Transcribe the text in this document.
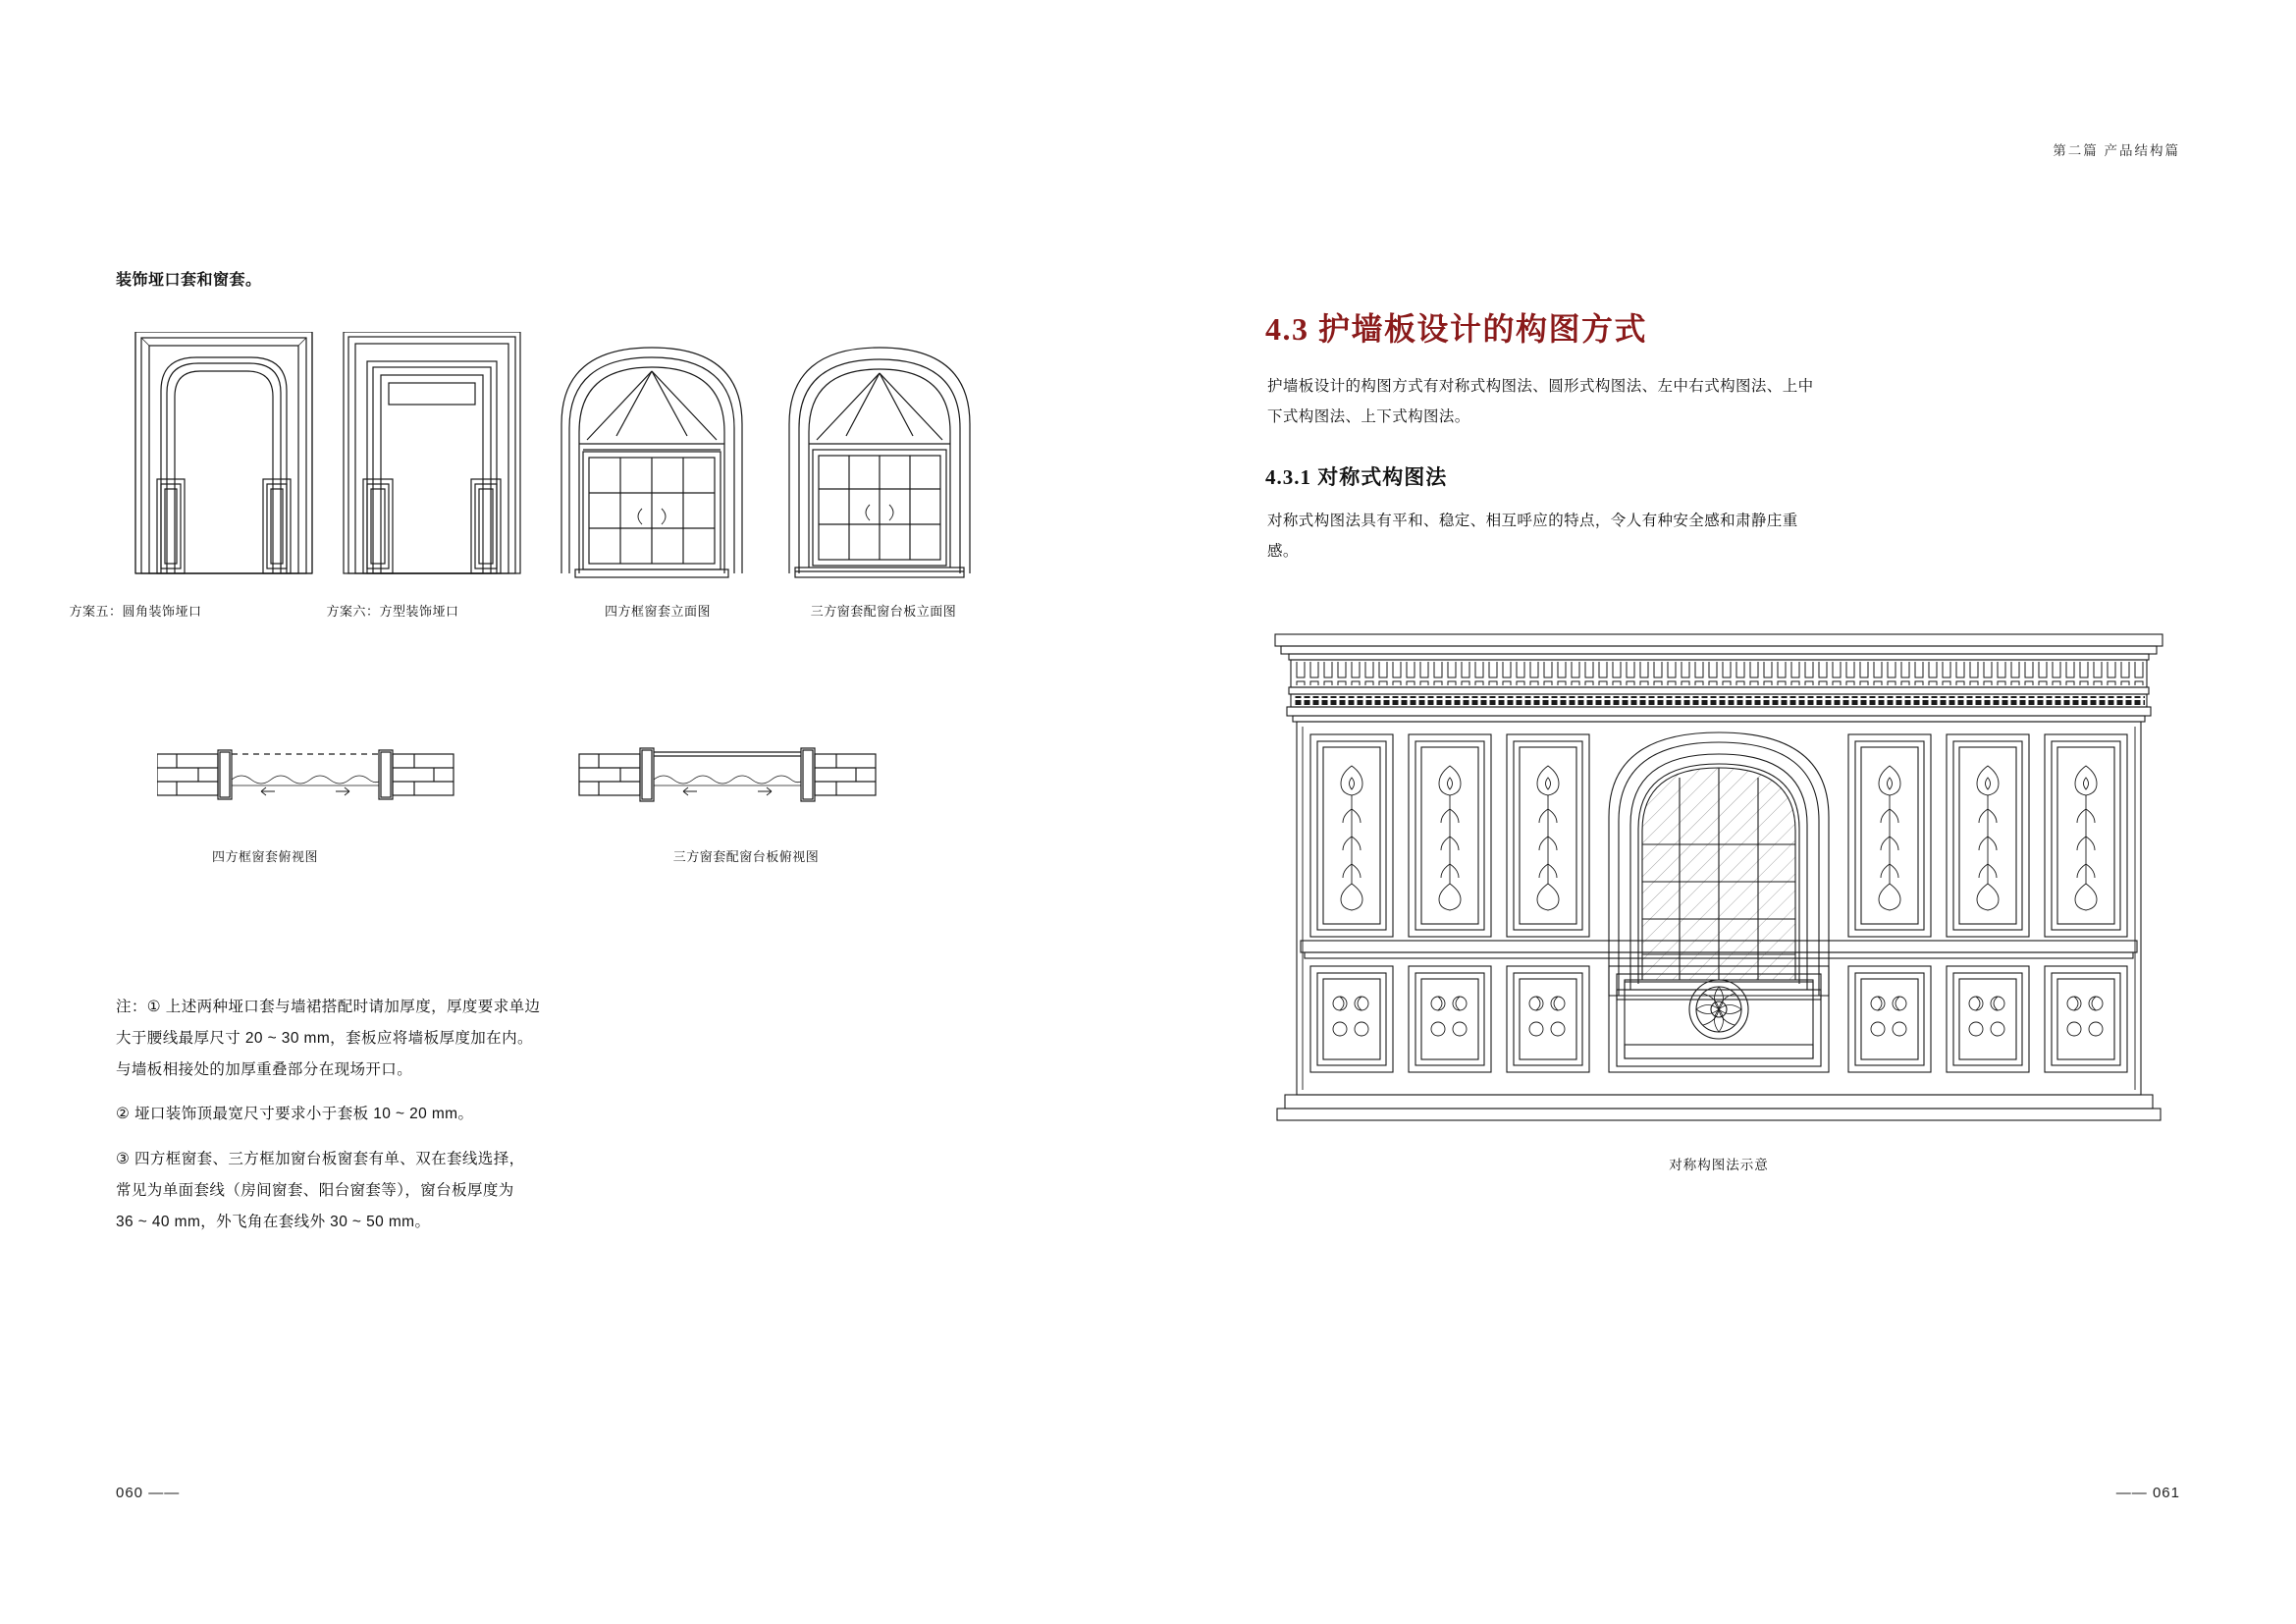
装饰垭口套和窗套。
方案五：圆角装饰垭口	方案六：方型装饰垭口	四方框窗套立面图	三方窗套配窗台板立面图
四方框窗套俯视图	三方窗套配窗台板俯视图

注：① 上述两种垭口套与墙裙搭配时请加厚度，厚度要求单边

大于腰线最厚尺寸 20 ~ 30 mm，套板应将墙板厚度加在内。

与墙板相接处的加厚重叠部分在现场开口。

② 垭口装饰顶最宽尺寸要求小于套板 10 ~ 20 mm。

③ 四方框窗套、三方框加窗台板窗套有单、双在套线选择，

常见为单面套线（房间窗套、阳台窗套等），窗台板厚度为

36 ~ 40 mm，外飞角在套线外 30 ~ 50 mm。

060 ——
第二篇 产品结构篇
4.3 护墙板设计的构图方式
护墙板设计的构图方式有对称式构图法、圆形式构图法、左中右式构图法、上中下式构图法、上下式构图法。
4.3.1 对称式构图法
对称式构图法具有平和、稳定、相互呼应的特点，令人有种安全感和肃静庄重感。
对称构图法示意
—— 061
